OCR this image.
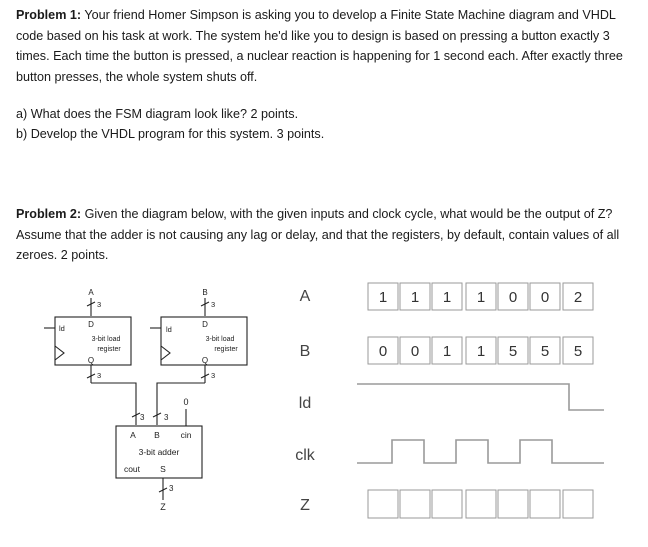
Problem 1: Your friend Homer Simpson is asking you to develop a Finite State Machine diagram and VHDL code based on his task at work. The system he'd like you to design is based on pressing a button exactly 3 times. Each time the button is pressed, a nuclear reaction is happening for 1 second each. After exactly three button presses, the whole system shuts off.

a) What does the FSM diagram look like? 2 points.

b) Develop the VHDL program for this system. 3 points.

Problem 2: Given the diagram below, with the given inputs and clock cycle, what would be the output of Z? Assume that the adder is not causing any lag or delay, and that the registers, by default, contain values of all zeroes. 2 points.

A
3
D
ld
3-bit load
register
Q
3
B
3
D
ld
3-bit load
register
Q
3
3 3
0
A B cin
3-bit adder
cout S
3
Z
A
B
ld
clk
Z
1 1 1 1 0 0 2
0 0 1 1 5 5 5
